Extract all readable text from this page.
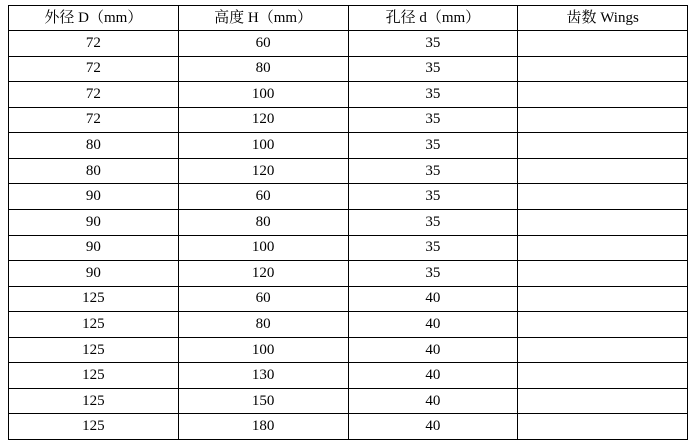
外径 D（mm）	高度 H（mm）	孔径 d（mm）	齿数 Wings
72	60	35	
72	80	35	
72	100	35	
72	120	35	
80	100	35	
80	120	35	
90	60	35	
90	80	35	
90	100	35	
90	120	35	
125	60	40	
125	80	40	
125	100	40	
125	130	40	
125	150	40	
125	180	40	
